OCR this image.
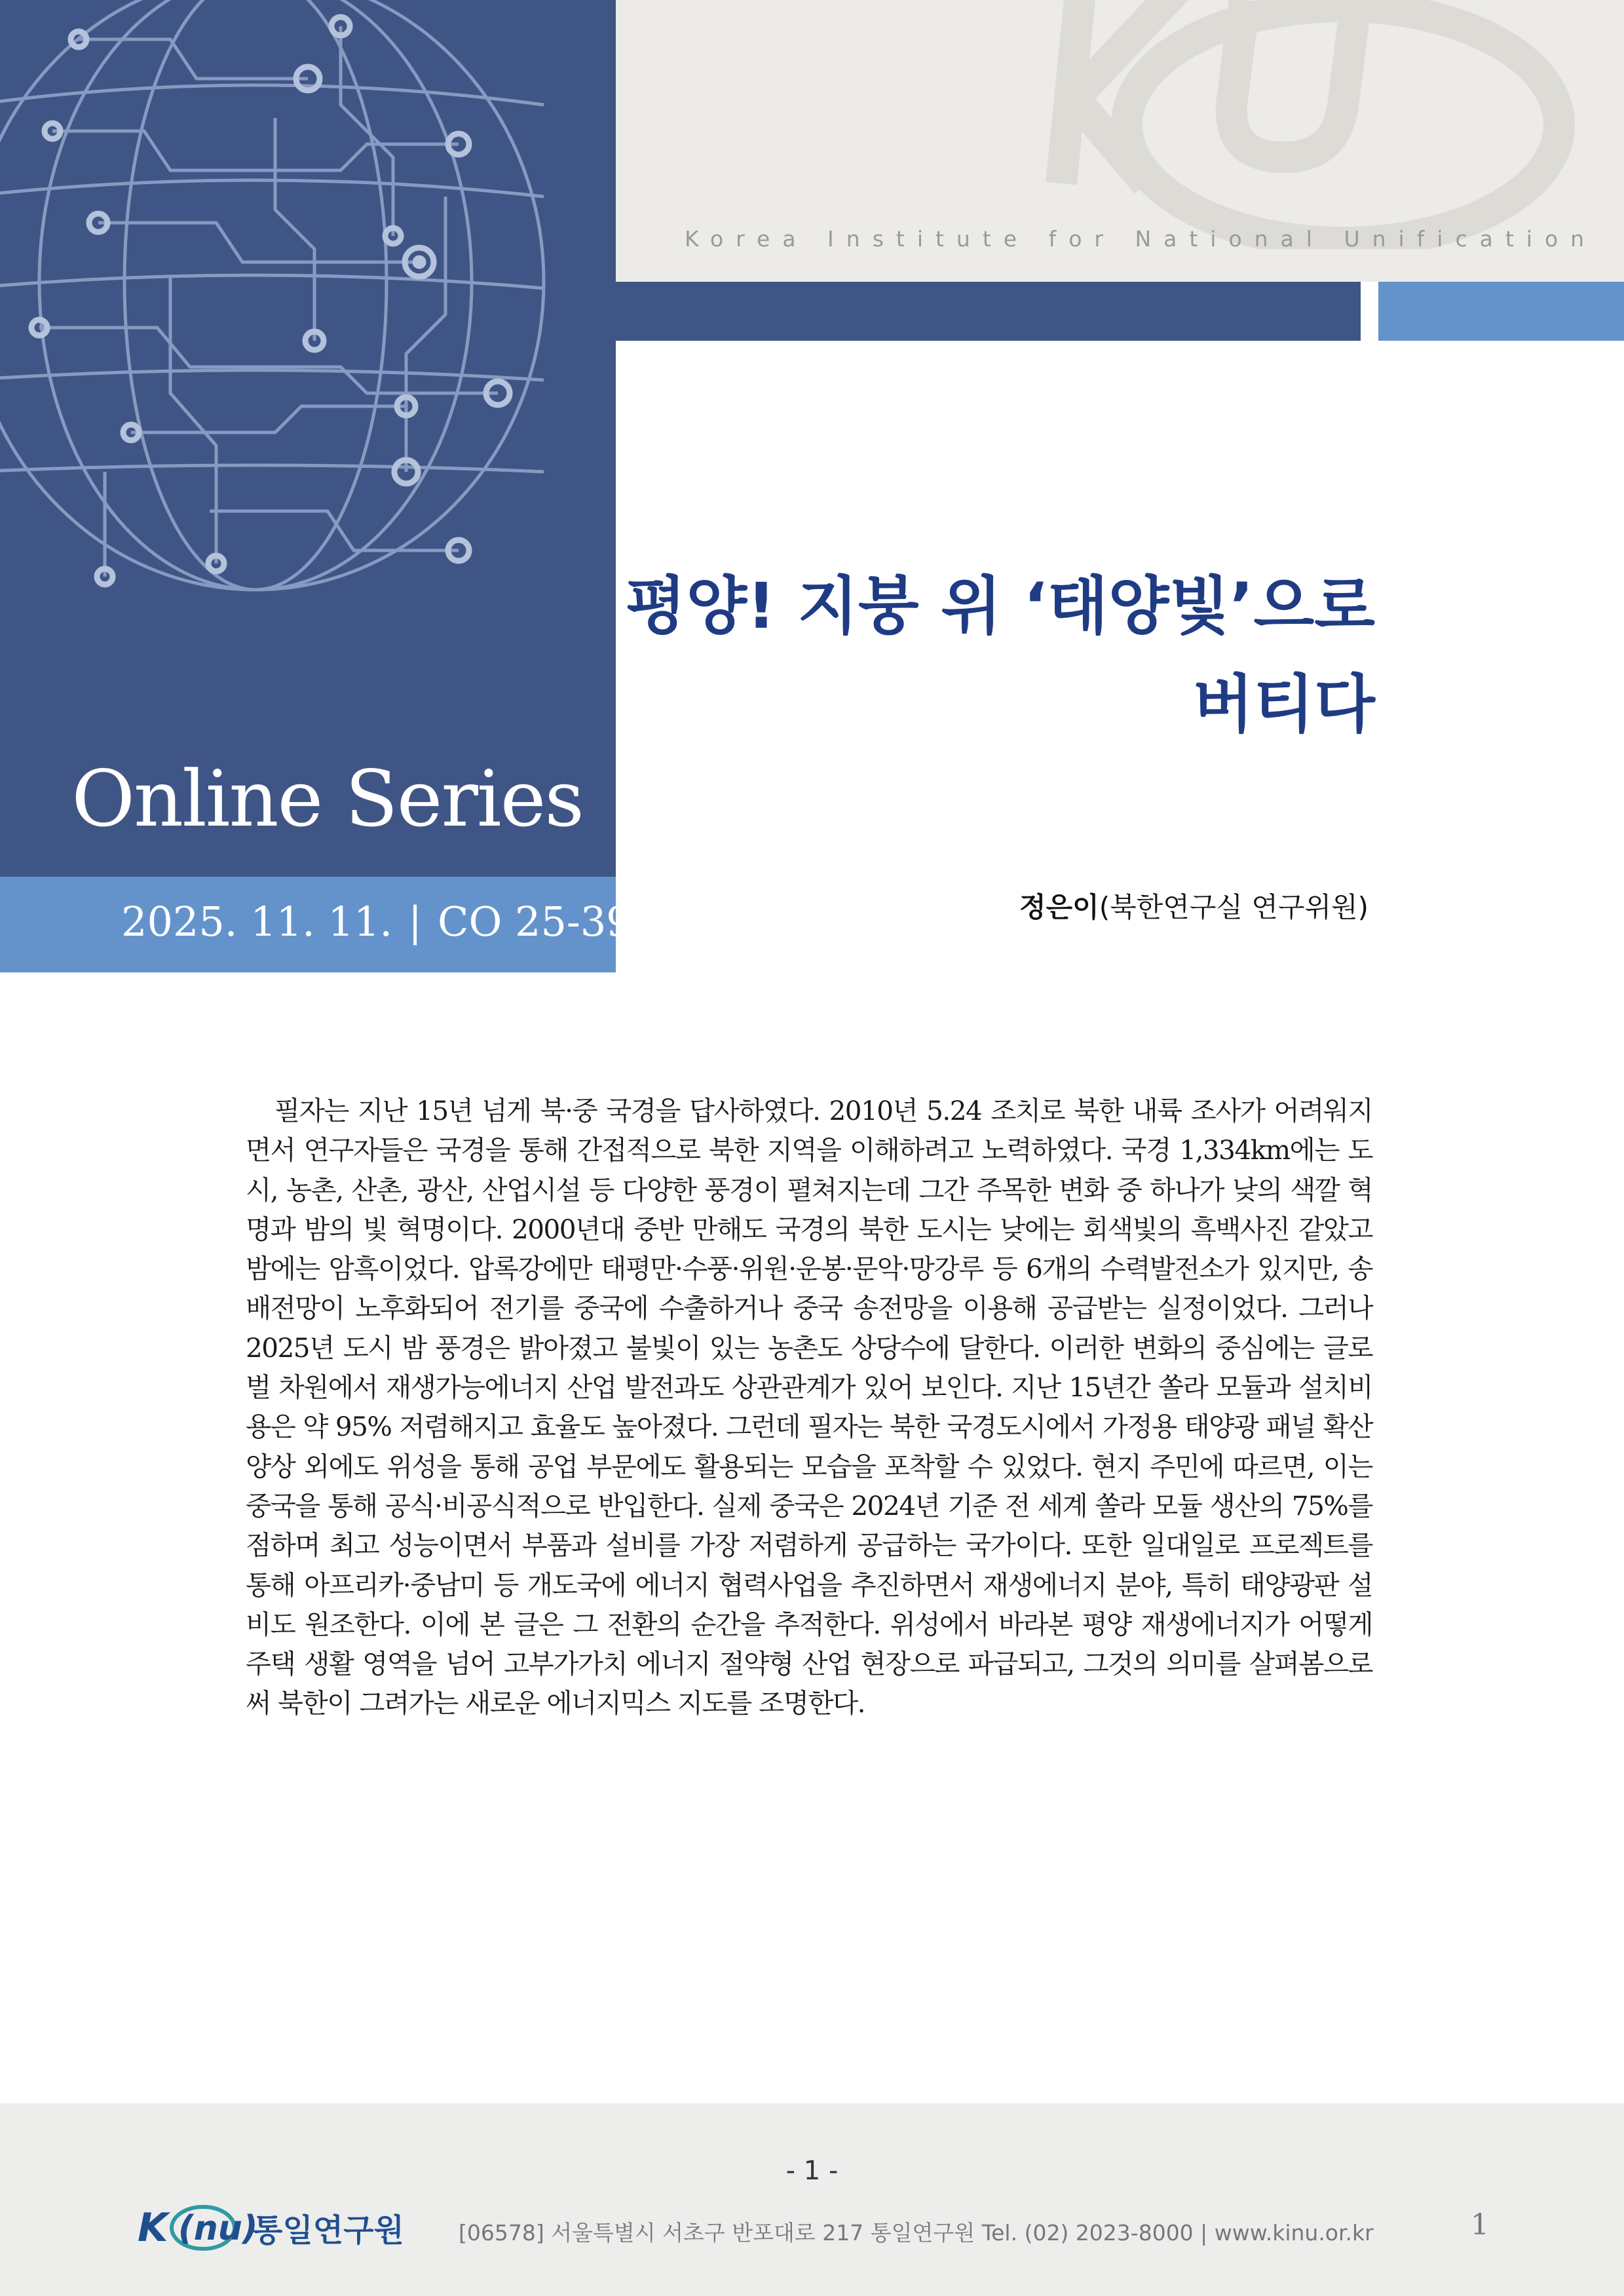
Online Series
2025. 11. 11. | CO 25-39
Korea Institute for National Unification
평양! 지붕 위 ‘태양빛’으로
버티다
정은이(북한연구실 연구위원)

필자는 지난 15년 넘게 북·중 국경을 답사하였다. 2010년 5.24 조치로 북한 내륙 조사가 어려워지면서 연구자들은 국경을 통해 간접적으로 북한 지역을 이해하려고 노력하였다. 국경 1,334km에는 도시, 농촌, 산촌, 광산, 산업시설 등 다양한 풍경이 펼쳐지는데 그간 주목한 변화 중 하나가 낮의 색깔 혁명과 밤의 빛 혁명이다. 2000년대 중반 만해도 국경의 북한 도시는 낮에는 회색빛의 흑백사진 같았고 밤에는 암흑이었다. 압록강에만 태평만·수풍·위원·운봉·문악·망강루 등 6개의 수력발전소가 있지만, 송배전망이 노후화되어 전기를 중국에 수출하거나 중국 송전망을 이용해 공급받는 실정이었다. 그러나 2025년 도시 밤 풍경은 밝아졌고 불빛이 있는 농촌도 상당수에 달한다. 이러한 변화의 중심에는 글로벌 차원에서 재생가능에너지 산업 발전과도 상관관계가 있어 보인다. 지난 15년간 쏠라 모듈과 설치비용은 약 95% 저렴해지고 효율도 높아졌다. 그런데 필자는 북한 국경도시에서 가정용 태양광 패널 확산양상 외에도 위성을 통해 공업 부문에도 활용되는 모습을 포착할 수 있었다. 현지 주민에 따르면, 이는 중국을 통해 공식·비공식적으로 반입한다. 실제 중국은 2024년 기준 전 세계 쏠라 모듈 생산의 75%를 점하며 최고 성능이면서 부품과 설비를 가장 저렴하게 공급하는 국가이다. 또한 일대일로 프로젝트를 통해 아프리카·중남미 등 개도국에 에너지 협력사업을 추진하면서 재생에너지 분야, 특히 태양광판 설비도 원조한다. 이에 본 글은 그 전환의 순간을 추적한다. 위성에서 바라본 평양 재생에너지가 어떻게 주택 생활 영역을 넘어 고부가가치 에너지 절약형 산업 현장으로 파급되고, 그것의 의미를 살펴봄으로써 북한이 그려가는 새로운 에너지믹스 지도를 조명한다.

- 1 -
K (nu)
통일연구원	[06578] 서울특별시 서초구 반포대로 217 통일연구원 Tel. (02) 2023-8000 | www.kinu.or.kr	1
